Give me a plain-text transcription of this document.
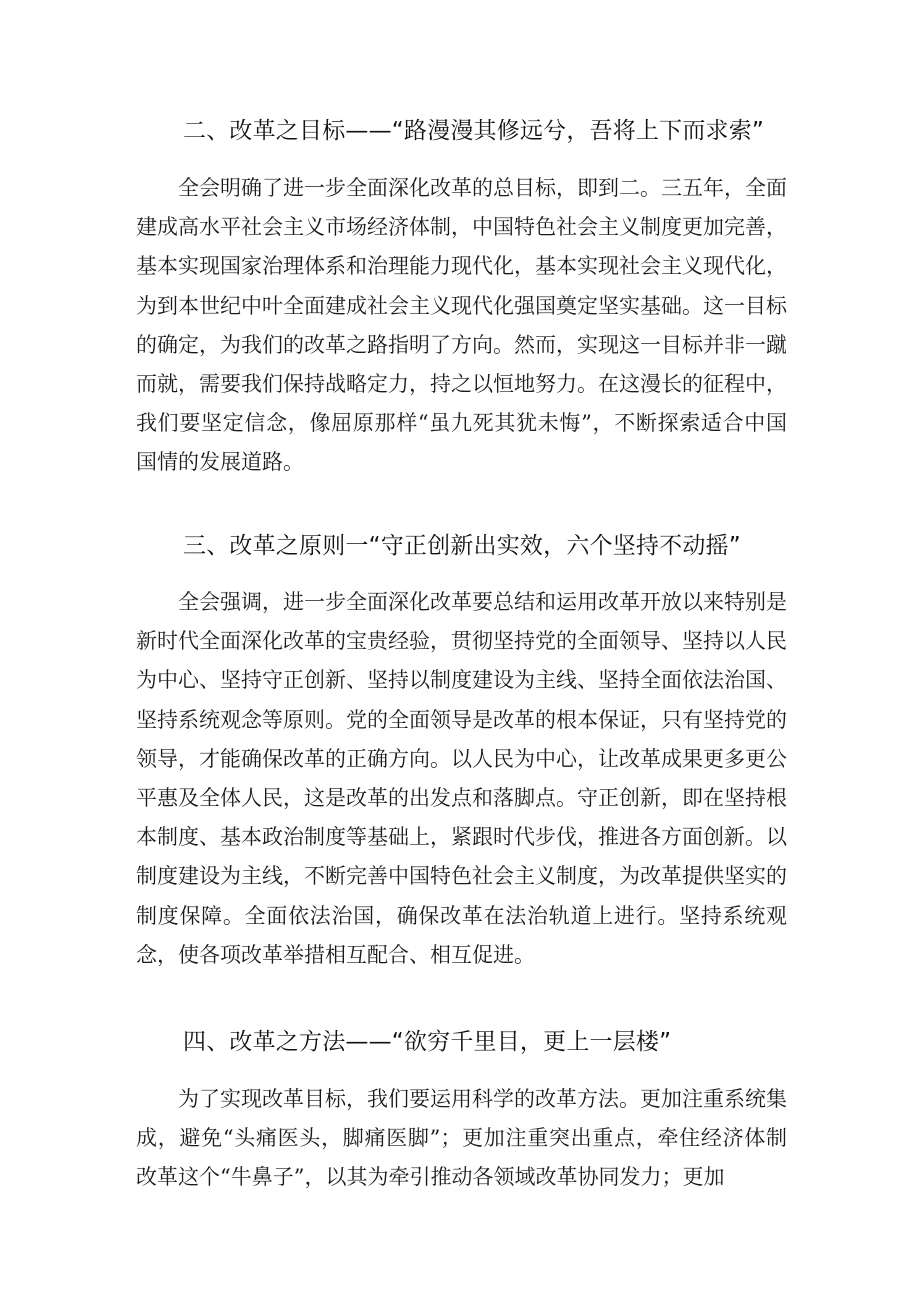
二、改革之目标——“路漫漫其修远兮，吾将上下而求索”

全会明确了进一步全面深化改革的总目标，即到二。三五年，全面建成高水平社会主义市场经济体制，中国特色社会主义制度更加完善，基本实现国家治理体系和治理能力现代化，基本实现社会主义现代化，为到本世纪中叶全面建成社会主义现代化强国奠定坚实基础。这一目标的确定，为我们的改革之路指明了方向。然而，实现这一目标并非一蹴而就，需要我们保持战略定力，持之以恒地努力。在这漫长的征程中，我们要坚定信念，像屈原那样“虽九死其犹未悔”，不断探索适合中国国情的发展道路。

三、改革之原则一“守正创新出实效，六个坚持不动摇”

全会强调，进一步全面深化改革要总结和运用改革开放以来特别是新时代全面深化改革的宝贵经验，贯彻坚持党的全面领导、坚持以人民为中心、坚持守正创新、坚持以制度建设为主线、坚持全面依法治国、坚持系统观念等原则。党的全面领导是改革的根本保证，只有坚持党的领导，才能确保改革的正确方向。以人民为中心，让改革成果更多更公平惠及全体人民，这是改革的出发点和落脚点。守正创新，即在坚持根本制度、基本政治制度等基础上，紧跟时代步伐，推进各方面创新。以制度建设为主线，不断完善中国特色社会主义制度，为改革提供坚实的制度保障。全面依法治国，确保改革在法治轨道上进行。坚持系统观念，使各项改革举措相互配合、相互促进。

四、改革之方法——“欲穷千里目，更上一层楼”

为了实现改革目标，我们要运用科学的改革方法。更加注重系统集成，避免“头痛医头，脚痛医脚”；更加注重突出重点，牵住经济体制改革这个“牛鼻子”，以其为牵引推动各领域改革协同发力；更加
